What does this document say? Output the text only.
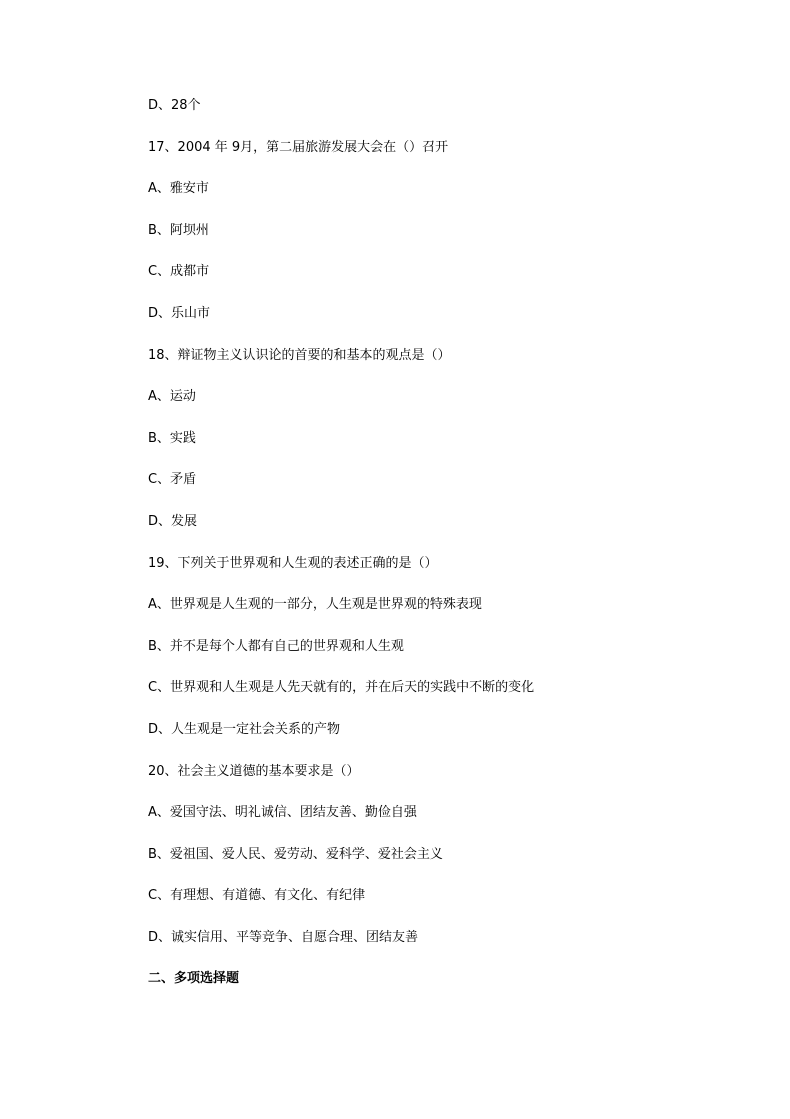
D、28个
17、2004 年 9月，第二届旅游发展大会在（）召开
A、雅安市
B、阿坝州
C、成都市
D、乐山市
18、辩证物主义认识论的首要的和基本的观点是（）
A、运动
B、实践
C、矛盾
D、发展
19、下列关于世界观和人生观的表述正确的是（）
A、世界观是人生观的一部分，人生观是世界观的特殊表现
B、并不是每个人都有自己的世界观和人生观
C、世界观和人生观是人先天就有的，并在后天的实践中不断的变化
D、人生观是一定社会关系的产物
20、社会主义道德的基本要求是（）
A、爱国守法、明礼诚信、团结友善、勤俭自强
B、爱祖国、爱人民、爱劳动、爱科学、爱社会主义
C、有理想、有道德、有文化、有纪律
D、诚实信用、平等竞争、自愿合理、团结友善
二、多项选择题
